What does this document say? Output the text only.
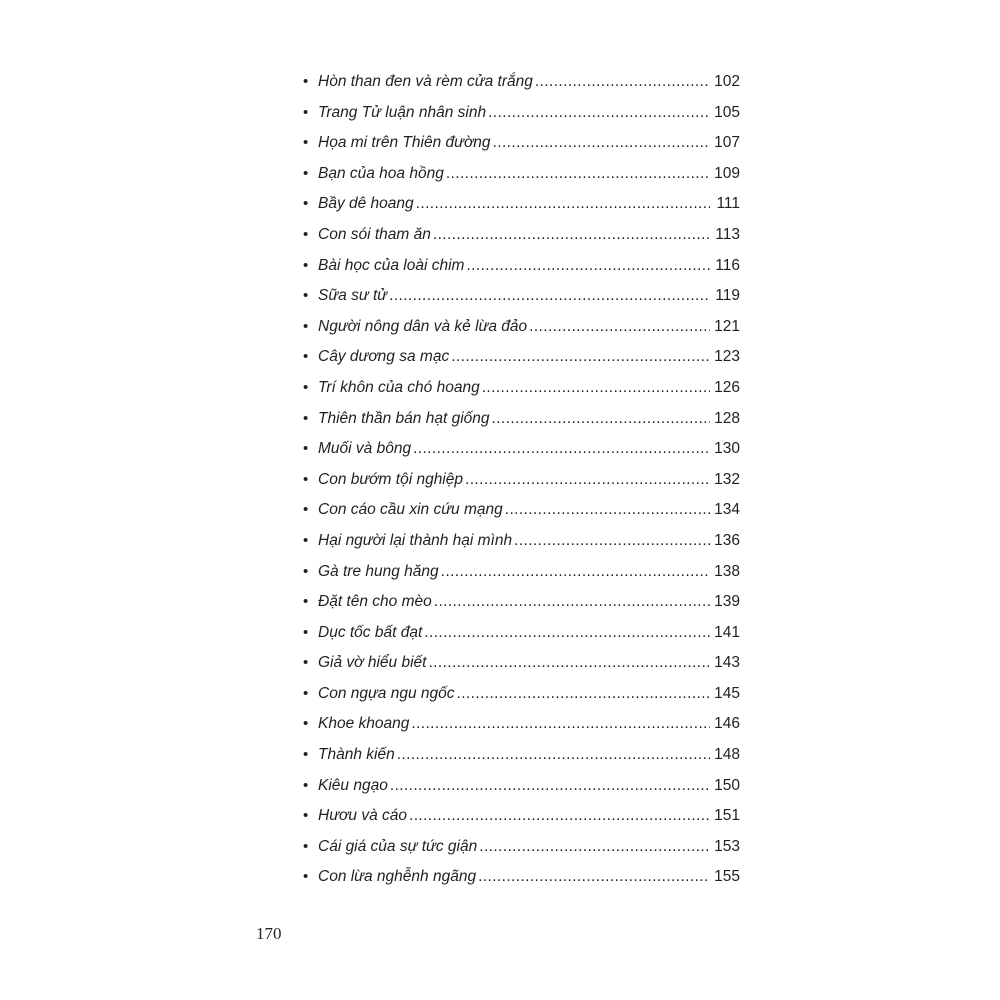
• Hòn than đen và rèm cửa trắng .....	102
• Trang Tử luận nhân sinh .....	105
• Họa mi trên Thiên đường .....	107
• Bạn của hoa hồng .....	109
• Bầy dê hoang .....	111
• Con sói tham ăn .....	113
• Bài học của loài chim .....	116
• Sữa sư tử .....	119
• Người nông dân và kẻ lừa đảo .....	121
• Cây dương sa mạc .....	123
• Trí khôn của chó hoang .....	126
• Thiên thần bán hạt giống .....	128
• Muối và bông .....	130
• Con bướm tội nghiệp .....	132
• Con cáo cầu xin cứu mạng .....	134
• Hại người lại thành hại mình .....	136
• Gà tre hung hăng .....	138
• Đặt tên cho mèo .....	139
• Dục tốc bất đạt .....	141
• Giả vờ hiểu biết .....	143
• Con ngựa ngu ngốc .....	145
• Khoe khoang .....	146
• Thành kiến .....	148
• Kiêu ngạo .....	150
• Hươu và cáo .....	151
• Cái giá của sự tức giận .....	153
• Con lừa nghễnh ngãng .....	155
170
